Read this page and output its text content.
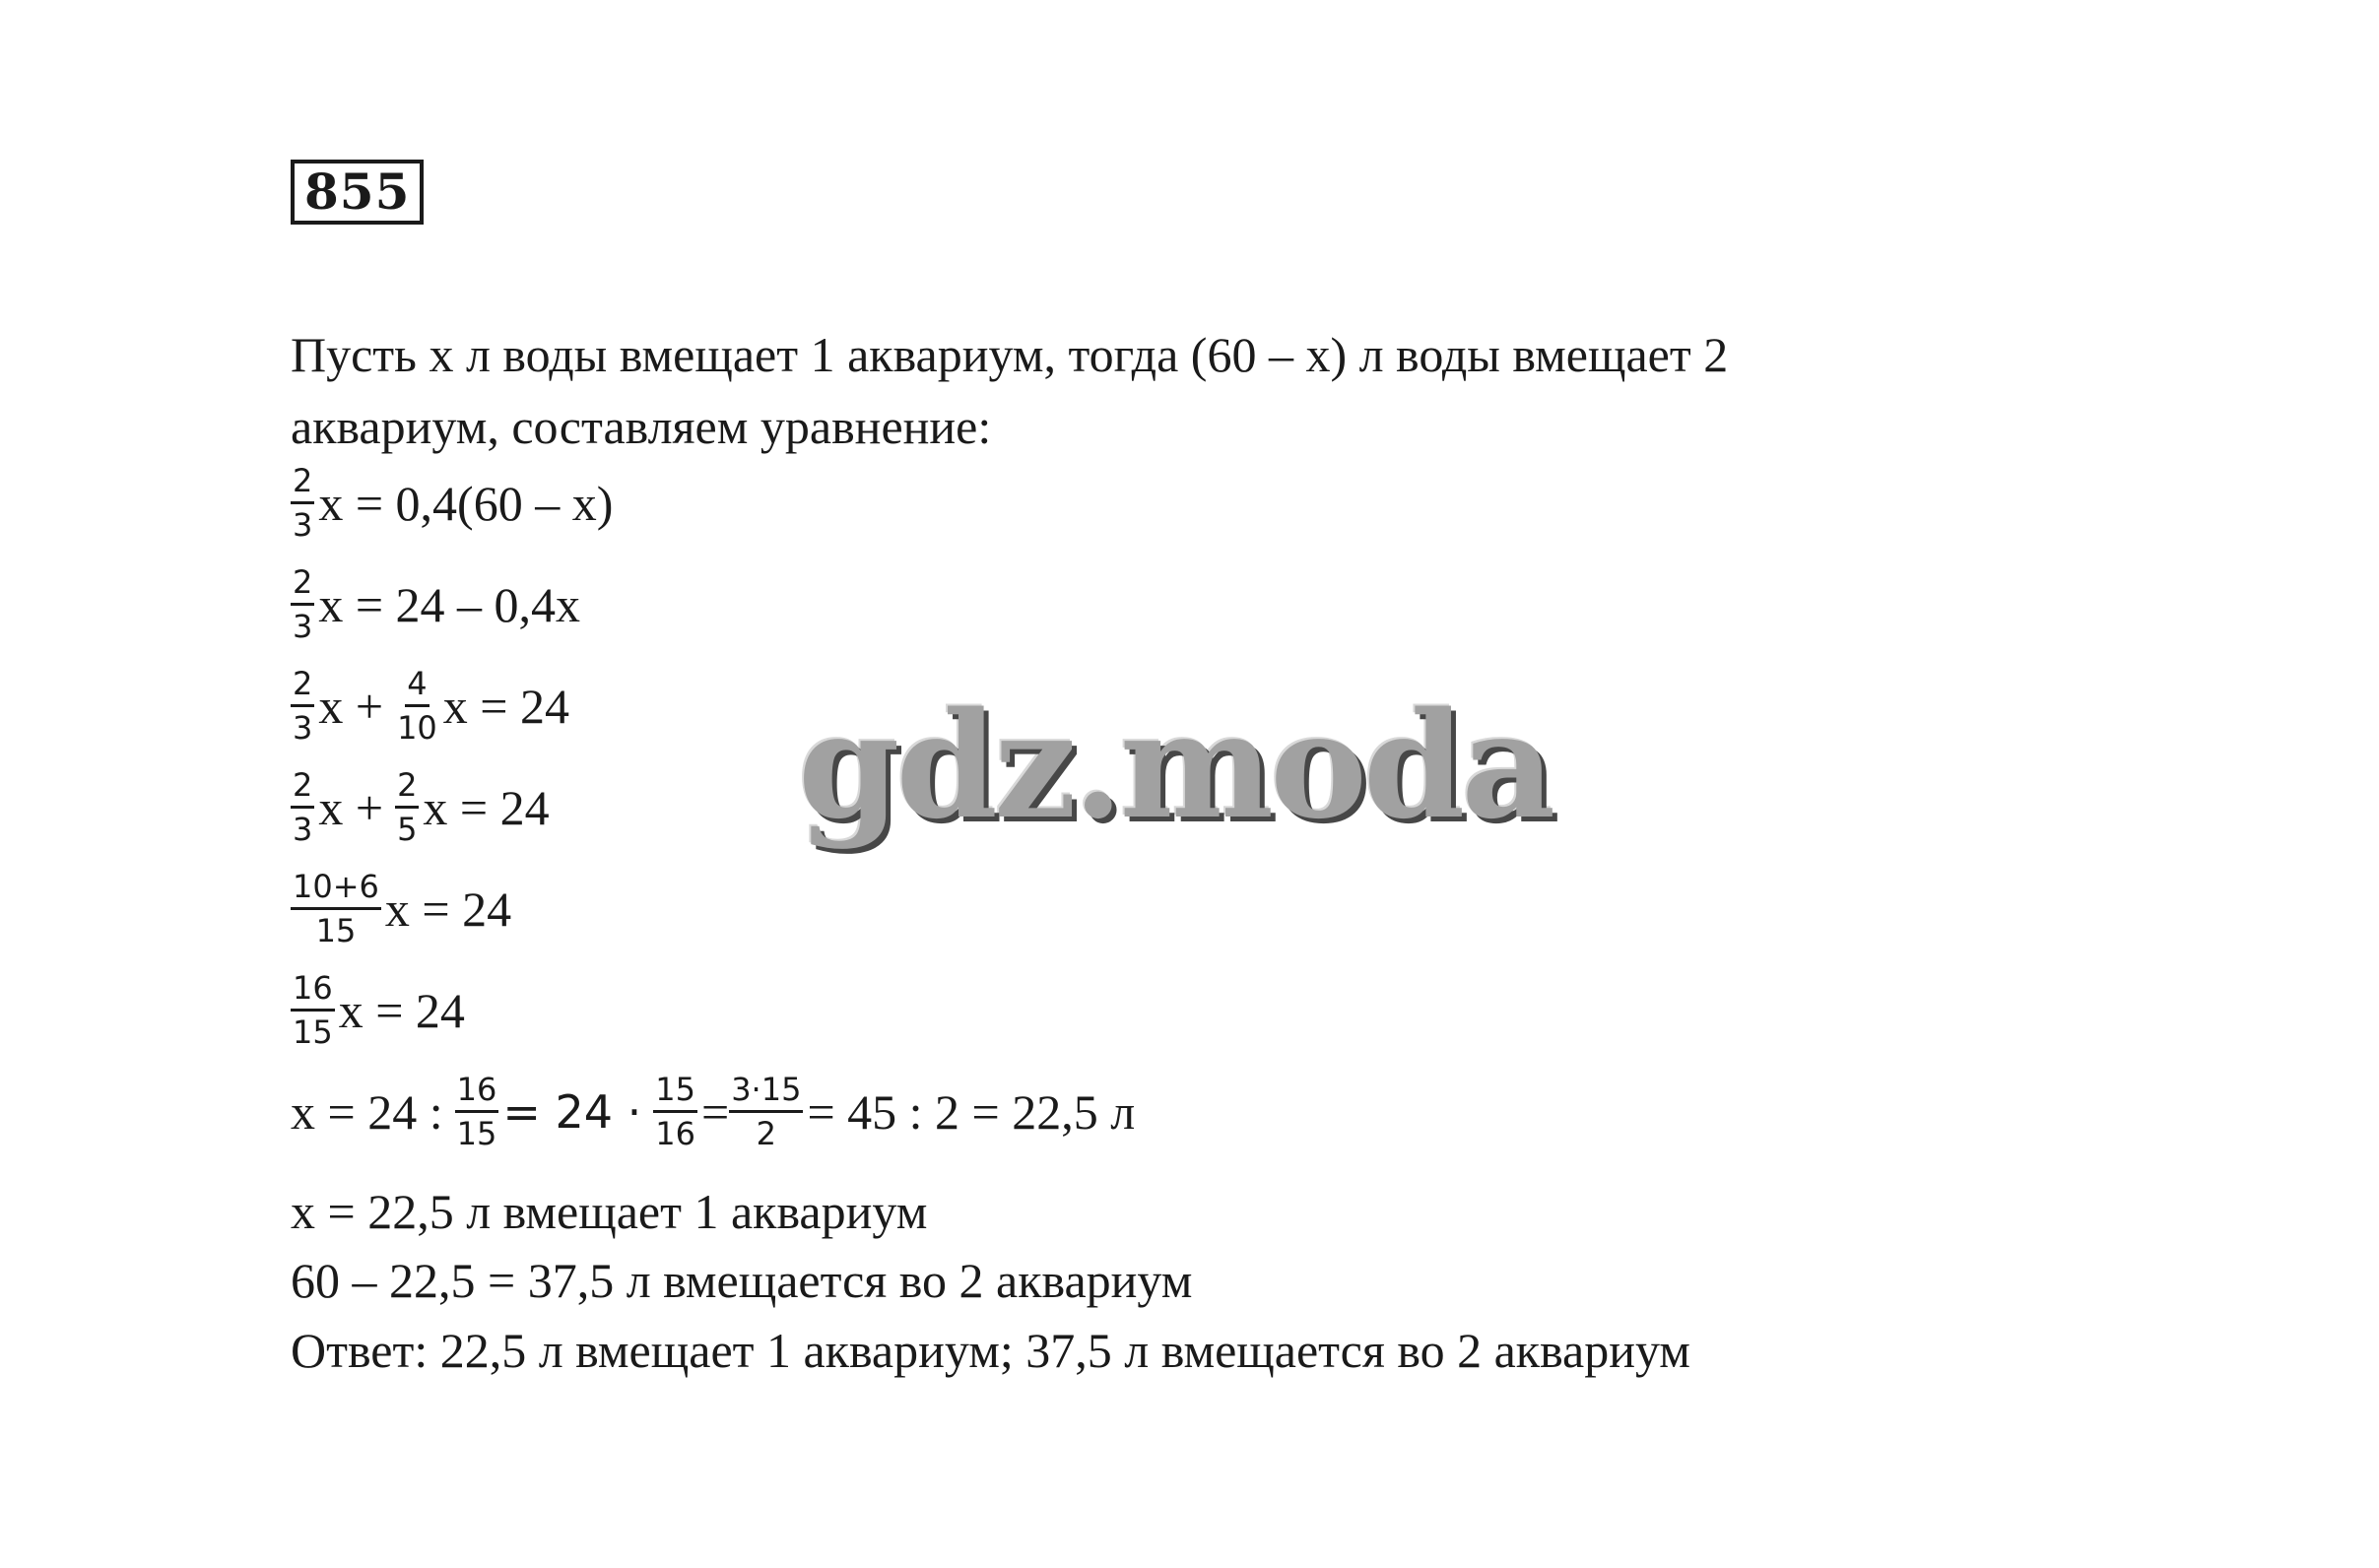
855
Пусть x л воды вмещает 1 аквариум, тогда (60 – x) л воды вмещает 2
аквариум, составляем уравнение:
$\frac{2}{3}$ x = 0,4(60 – x)
$\frac{2}{3}$ x = 24 – 0,4x
$\frac{2}{3}$ $x + \frac{4}{10}$ x = 24
$\frac{2}{3}$ $x + \frac{2}{5}$ x = 24
$\frac{10+6}{15}$ x = 24
$\frac{16}{15}$ x = 24
x = 24 : $\frac{16}{15} = 24 \cdot \frac{15}{16} = \frac{3\cdot 15}{2} = 45$ : 2 = 22,5 л
x = 22,5 л вмещает 1 аквариум
60 – 22,5 = 37,5 л вмещается во 2 аквариум
Ответ: 22,5 л вмещает 1 аквариум; 37,5 л вмещается во 2 аквариум
gdz.moda
